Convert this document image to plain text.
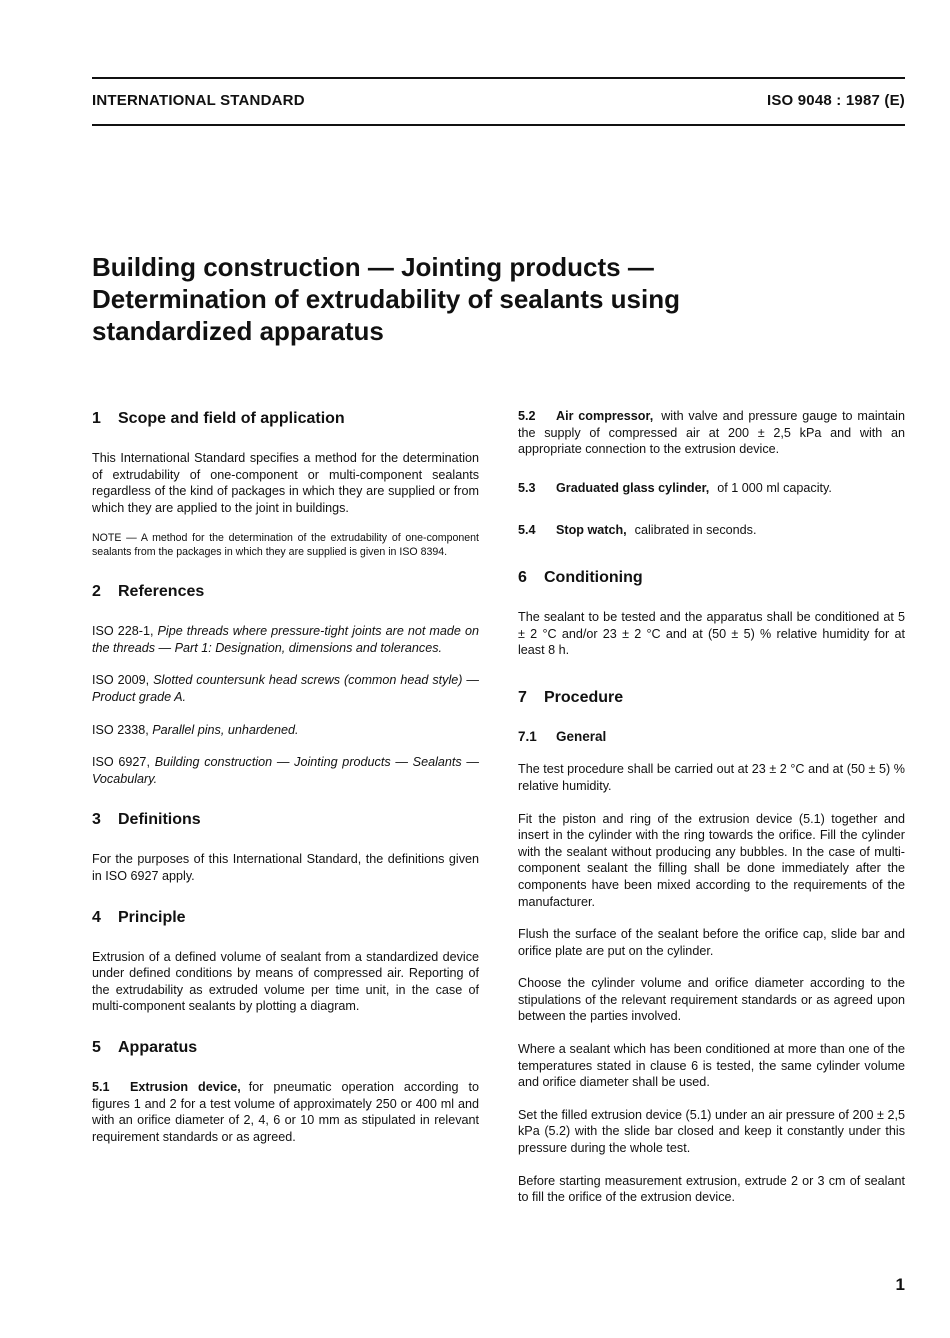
INTERNATIONAL STANDARD	ISO 9048 : 1987 (E)
Building construction — Jointing products —
Determination of extrudability of sealants using
standardized apparatus
1 Scope and field of application

This International Standard specifies a method for the determination of extrudability of one-component or multi-component sealants regardless of the kind of packages in which they are supplied or from which they are applied to the joint in buildings.

NOTE — A method for the determination of the extrudability of one-component sealants from the packages in which they are supplied is given in ISO 8394.

2 References

ISO 228-1, Pipe threads where pressure-tight joints are not made on the threads — Part 1: Designation, dimensions and tolerances.

ISO 2009, Slotted countersunk head screws (common head style) — Product grade A.

ISO 2338, Parallel pins, unhardened.

ISO 6927, Building construction — Jointing products — Sealants — Vocabulary.

3 Definitions

For the purposes of this International Standard, the definitions given in ISO 6927 apply.

4 Principle

Extrusion of a defined volume of sealant from a standardized device under defined conditions by means of compressed air. Reporting of the extrudability as extruded volume per time unit, in the case of multi-component sealants by plotting a diagram.

5 Apparatus

5.1 Extrusion device, for pneumatic operation according to figures 1 and 2 for a test volume of approximately 250 or 400 ml and with an orifice diameter of 2, 4, 6 or 10 mm as stipulated in relevant requirement standards or as agreed.

5.2 Air compressor, with valve and pressure gauge to maintain the supply of compressed air at 200 ± 2,5 kPa and with an appropriate connection to the extrusion device.

5.3 Graduated glass cylinder, of 1 000 ml capacity.

5.4 Stop watch, calibrated in seconds.

6 Conditioning

The sealant to be tested and the apparatus shall be conditioned at 5 ± 2 °C and/or 23 ± 2 °C and at (50 ± 5) % relative humidity for at least 8 h.

7 Procedure
7.1 General

The test procedure shall be carried out at 23 ± 2 °C and at (50 ± 5) % relative humidity.

Fit the piston and ring of the extrusion device (5.1) together and insert in the cylinder with the ring towards the orifice. Fill the cylinder with the sealant without producing any bubbles. In the case of multi-component sealant the filling shall be done immediately after the components have been mixed according to the requirements of the manufacturer.

Flush the surface of the sealant before the orifice cap, slide bar and orifice plate are put on the cylinder.

Choose the cylinder volume and orifice diameter according to the stipulations of the relevant requirement standards or as agreed upon between the parties involved.

Where a sealant which has been conditioned at more than one of the temperatures stated in clause 6 is tested, the same cylinder volume and orifice diameter shall be used.

Set the filled extrusion device (5.1) under an air pressure of 200 ± 2,5 kPa (5.2) with the slide bar closed and keep it constantly under this pressure during the whole test.

Before starting measurement extrusion, extrude 2 or 3 cm of sealant to fill the orifice of the extrusion device.

1
